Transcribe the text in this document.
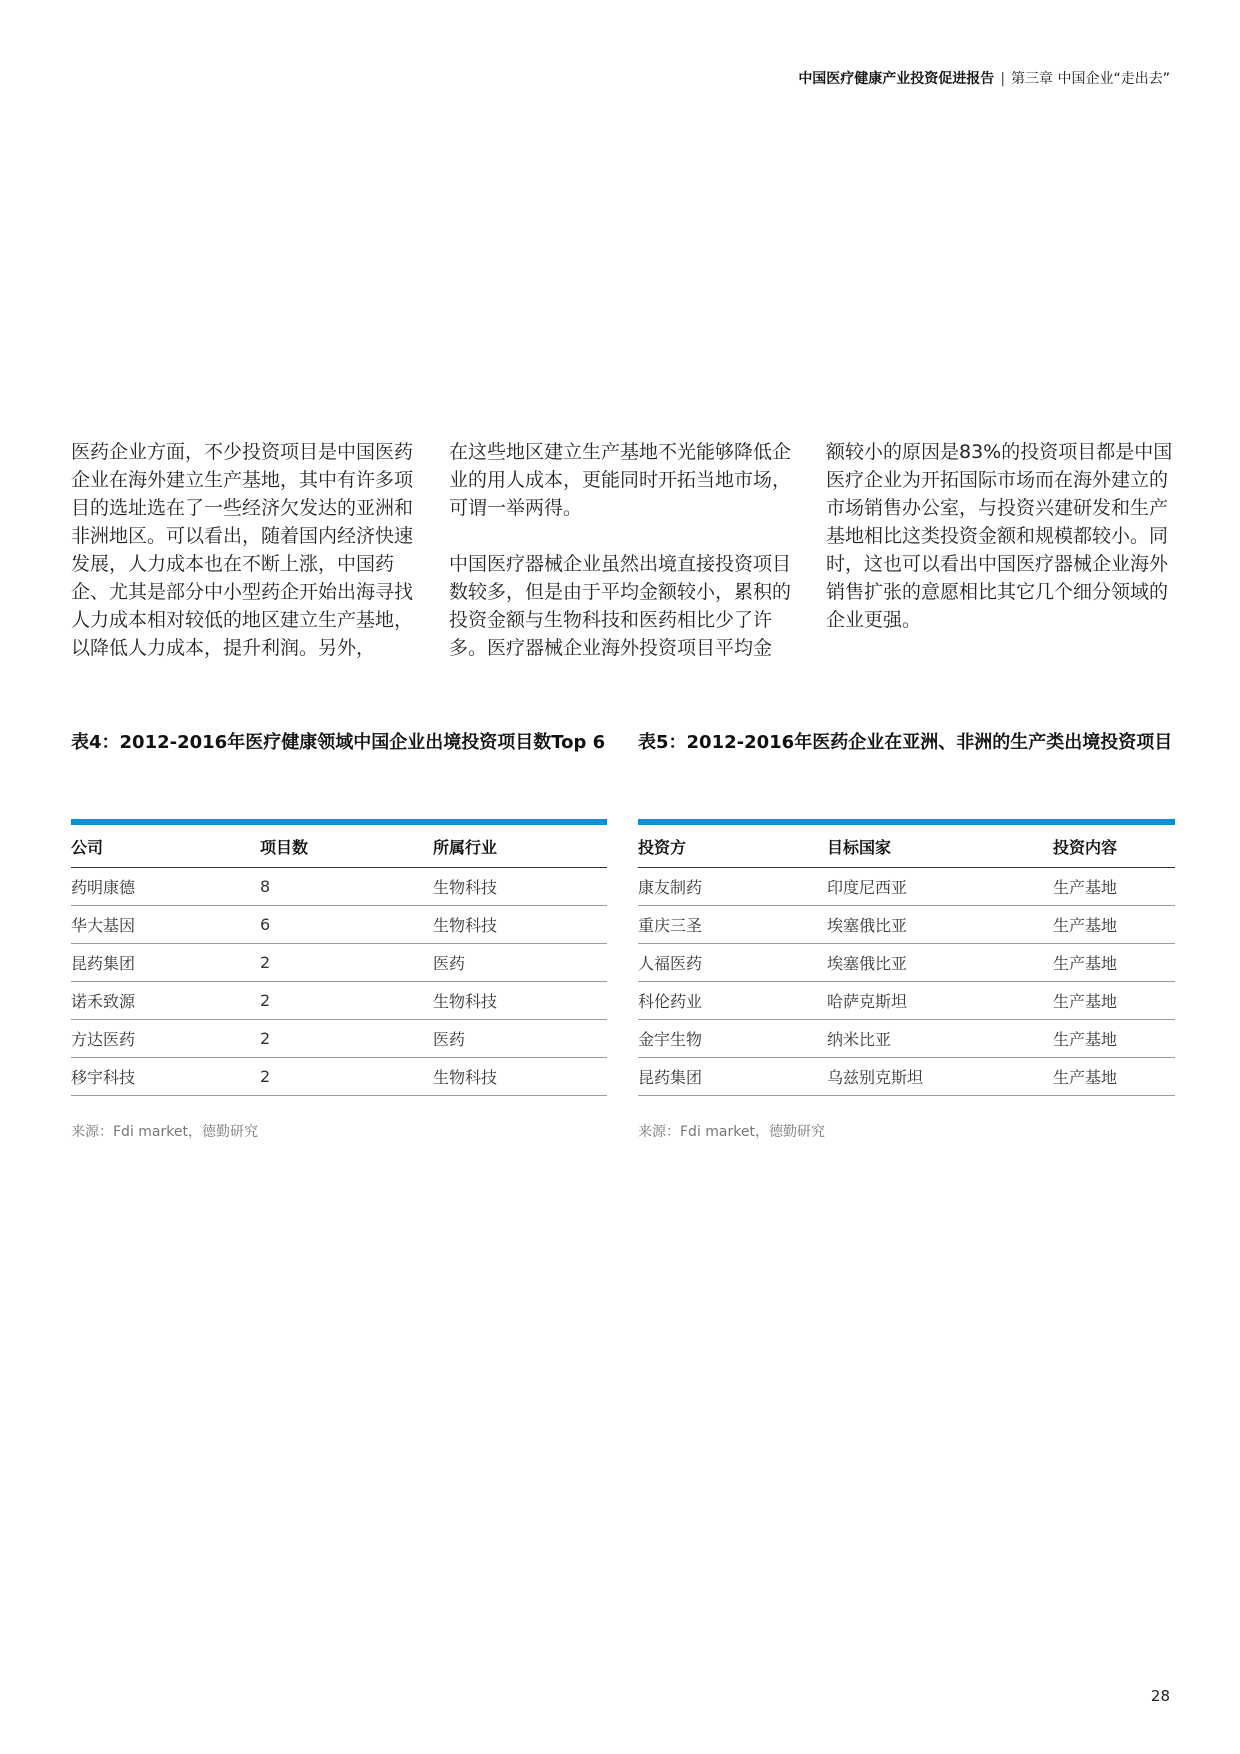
中国医疗健康产业投资促进报告 | 第三章 中国企业“走出去”

医药企业方面，不少投资项目是中国医药企业在海外建立生产基地，其中有许多项目的选址选在了一些经济欠发达的亚洲和非洲地区。可以看出，随着国内经济快速发展，人力成本也在不断上涨，中国药企、尤其是部分中小型药企开始出海寻找人力成本相对较低的地区建立生产基地，以降低人力成本，提升利润。另外，

在这些地区建立生产基地不光能够降低企业的用人成本，更能同时开拓当地市场，可谓一举两得。

中国医疗器械企业虽然出境直接投资项目数较多，但是由于平均金额较小，累积的投资金额与生物科技和医药相比少了许多。医疗器械企业海外投资项目平均金

额较小的原因是83%的投资项目都是中国医疗企业为开拓国际市场而在海外建立的市场销售办公室，与投资兴建研发和生产基地相比这类投资金额和规模都较小。同时，这也可以看出中国医疗器械企业海外销售扩张的意愿相比其它几个细分领域的企业更强。

表4：2012-2016年医疗健康领域中国企业出境投资项目数Top 6 表5：2012-2016年医药企业在亚洲、非洲的生产类出境投资项目
公司	项目数	所属行业
药明康德	8	生物科技
华大基因	6	生物科技
昆药集团	2	医药
诺禾致源	2	生物科技
方达医药	2	医药
移宇科技	2	生物科技
投资方	目标国家	投资内容
康友制药	印度尼西亚	生产基地
重庆三圣	埃塞俄比亚	生产基地
人福医药	埃塞俄比亚	生产基地
科伦药业	哈萨克斯坦	生产基地
金宇生物	纳米比亚	生产基地
昆药集团	乌兹别克斯坦	生产基地
来源：Fdi market，德勤研究	来源：Fdi market，德勤研究
28
